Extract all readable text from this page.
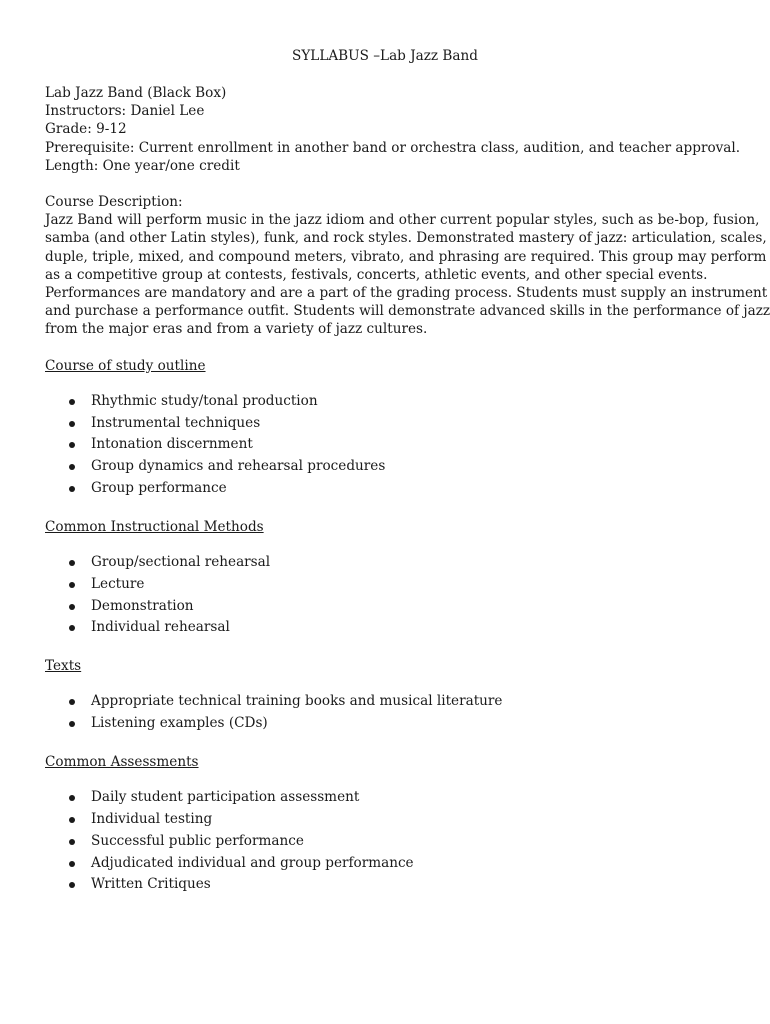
SYLLABUS –Lab Jazz Band
Lab Jazz Band (Black Box)
Instructors: Daniel Lee
Grade: 9-12
Prerequisite: Current enrollment in another band or orchestra class, audition, and teacher approval.
Length: One year/one credit
Course Description:
Jazz Band will perform music in the jazz idiom and other current popular styles, such as be-bop, fusion,
samba (and other Latin styles), funk, and rock styles. Demonstrated mastery of jazz: articulation, scales,
duple, triple, mixed, and compound meters, vibrato, and phrasing are required. This group may perform
as a competitive group at contests, festivals, concerts, athletic events, and other special events.
Performances are mandatory and are a part of the grading process. Students must supply an instrument
and purchase a performance outfit. Students will demonstrate advanced skills in the performance of jazz
from the major eras and from a variety of jazz cultures.
Course of study outline
Rhythmic study/tonal production
Instrumental techniques
Intonation discernment
Group dynamics and rehearsal procedures
Group performance
Common Instructional Methods
Group/sectional rehearsal
Lecture
Demonstration
Individual rehearsal
Texts
Appropriate technical training books and musical literature
Listening examples (CDs)
Common Assessments
Daily student participation assessment
Individual testing
Successful public performance
Adjudicated individual and group performance
Written Critiques
